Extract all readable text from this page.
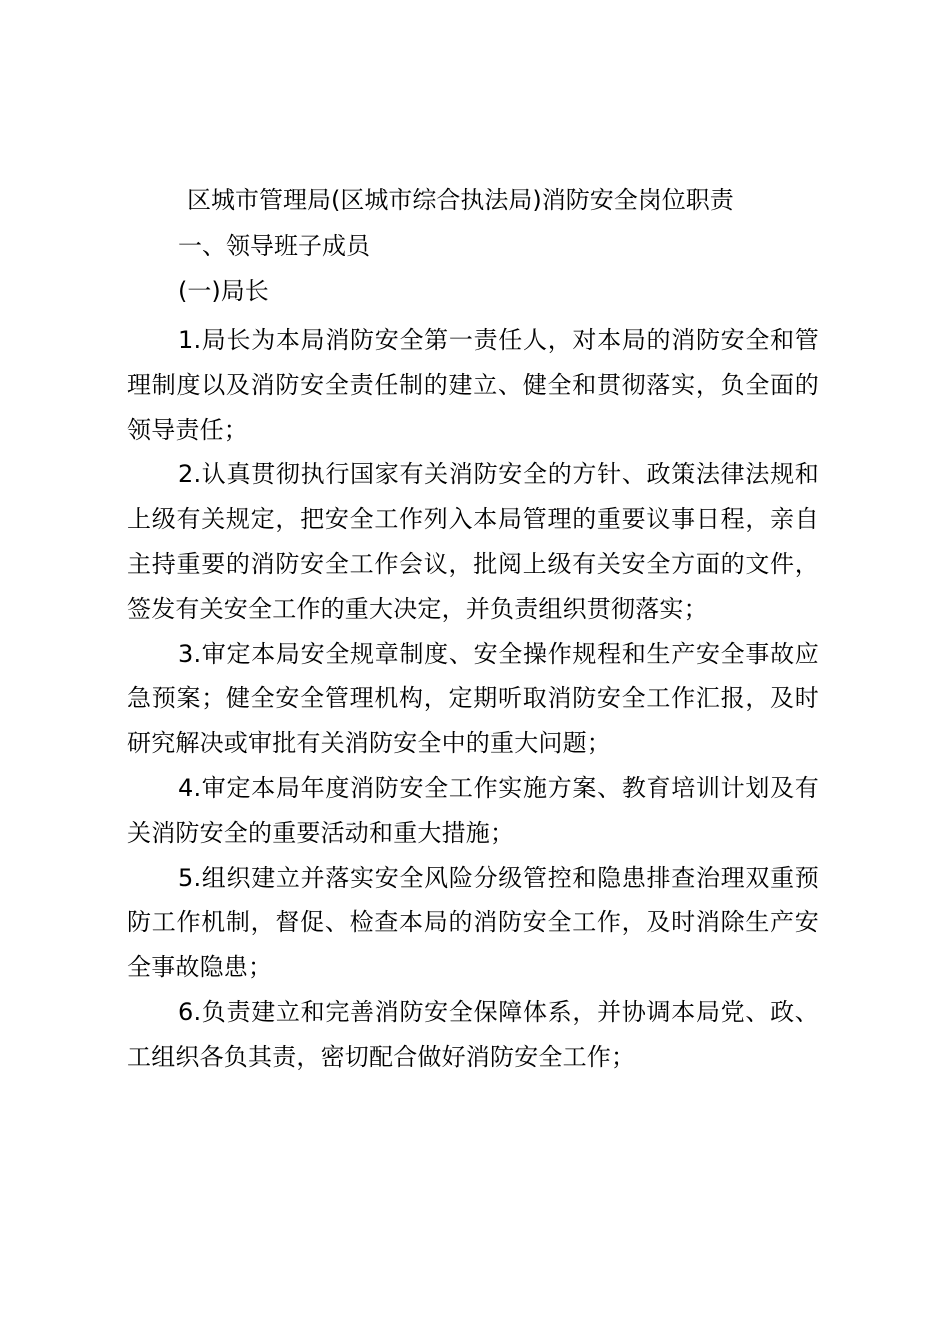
区城市管理局(区城市综合执法局)消防安全岗位职责
一、领导班子成员
(一)局长

1.局长为本局消防安全第一责任人，对本局的消防安全和管理制度以及消防安全责任制的建立、健全和贯彻落实，负全面的领导责任；

2.认真贯彻执行国家有关消防安全的方针、政策法律法规和上级有关规定，把安全工作列入本局管理的重要议事日程，亲自主持重要的消防安全工作会议，批阅上级有关安全方面的文件，签发有关安全工作的重大决定，并负责组织贯彻落实；

3.审定本局安全规章制度、安全操作规程和生产安全事故应急预案；健全安全管理机构，定期听取消防安全工作汇报，及时研究解决或审批有关消防安全中的重大问题；

4.审定本局年度消防安全工作实施方案、教育培训计划及有关消防安全的重要活动和重大措施；

5.组织建立并落实安全风险分级管控和隐患排查治理双重预防工作机制，督促、检查本局的消防安全工作，及时消除生产安全事故隐患；

6.负责建立和完善消防安全保障体系，并协调本局党、政、工组织各负其责，密切配合做好消防安全工作；
